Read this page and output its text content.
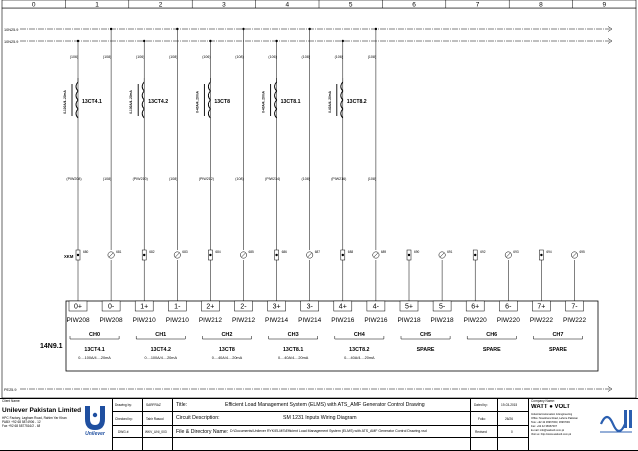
0	1	2	3	4	5	6	7	8	9
10N25.9
10N25.9
PE25.9
(106)	(108)	(106)	(108)	(106)	(108)	(106)	(108)	(106)	(108)
(PIW208)	(108)	(PIW210)	(108)	(PIW212)	(108)	(PIW214)	(108)	(PIW216)	(108)
0-100A/4..20mA	13CT4.1	0-100A/4..20mA	13CT4.2	0-40A/4..20mA	13CT8	0-40A/4..20mA	13CT8.1	0-40A/4..20mA	13CT8.2
XKM
680	681	682	683	684	685	686	687	688	689	690	691	692	693	694	695
14N9.1
0+
PIW208
0-
PIW208
1+
PIW210
1-
PIW210
2+
PIW212
2-
PIW212
3+
PIW214
3-
PIW214
4+
PIW216
4-
PIW216
5+
PIW218
5-
PIW218
6+
PIW220
6-
PIW220
7+
PIW222
7-
PIW222
CH0
13CT4.1
0....100A/4....20mA
CH1
13CT4.2
0....100A/4....20mA
CH2
13CT8
0....40A/4....20mA
CH3
13CT8.1
0....40A/4....20mA
CH4
13CT8.2
0....40A/4....20mA
CH5
SPARE
CH6
SPARE
CH7
SPARE
Client Name:
Unilever Pakistan Limited
HPC Factory, Lagham Road, Rahim Yar Khan
PABX +92 68 5874906 - 12
Fax +92 68 5877516/2 - 68
Unilever
Drawing by:	SARFRAZ
Checked by:	Tahir Rasool
DWG #:	WKV_UNI_003
Title:	Efficient Load Management System (ELMS) with ATS_AMF Generator Control Drawing
Circuit Description:	SM 1231 Inputs Wiring Diagram
File & Directory Name: D:\Documents\Unilever RYK\ELMS\Efficient Load Management System (ELMS) with ATS_AMF Generator Control Drawing.vsd
Dated by:	19-03-2015
Folio:	26/26
Revised:	0
Company Name:
WATT ● VOLT
Industrial Automation & Engineering
Office: Nowshera Road, Lahore Pakistan
Tele: +92 42 36967003, 36967004
Fax: +92 42 36967007
E-mail: info@wattvolt.com.pk
Visit us: http://www.wattvolt.com.pk
